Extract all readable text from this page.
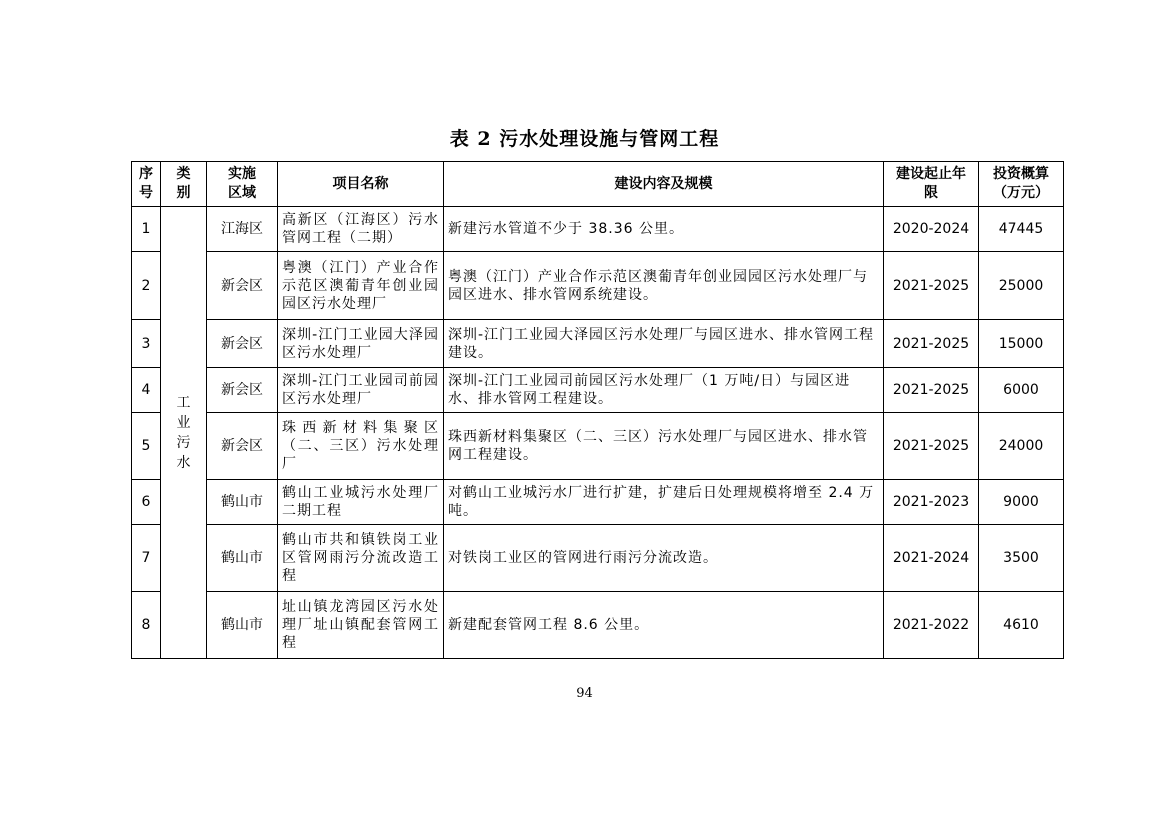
表 2 污水处理设施与管网工程
序号	类别	实施区域	项目名称	建设内容及规模	建设起止年限	投资概算（万元）
1	工业污水	江海区	高新区（江海区）污水管网工程（二期）	新建污水管道不少于 38.36 公里。	2020-2024	47445
2		新会区	粤澳（江门）产业合作示范区澳葡青年创业园园区污水处理厂	粤澳（江门）产业合作示范区澳葡青年创业园园区污水处理厂与园区进水、排水管网系统建设。	2021-2025	25000
3		新会区	深圳-江门工业园大泽园区污水处理厂	深圳-江门工业园大泽园区污水处理厂与园区进水、排水管网工程建设。	2021-2025	15000
4		新会区	深圳-江门工业园司前园区污水处理厂	深圳-江门工业园司前园区污水处理厂（1 万吨/日）与园区进水、排水管网工程建设。	2021-2025	6000
5		新会区	珠西新材料集聚区（二、三区）污水处理厂	珠西新材料集聚区（二、三区）污水处理厂与园区进水、排水管网工程建设。	2021-2025	24000
6		鹤山市	鹤山工业城污水处理厂二期工程	对鹤山工业城污水厂进行扩建，扩建后日处理规模将增至 2.4 万吨。	2021-2023	9000
7		鹤山市	鹤山市共和镇铁岗工业区管网雨污分流改造工程	对铁岗工业区的管网进行雨污分流改造。	2021-2024	3500
8		鹤山市	址山镇龙湾园区污水处理厂址山镇配套管网工程	新建配套管网工程 8.6 公里。	2021-2022	4610
94
